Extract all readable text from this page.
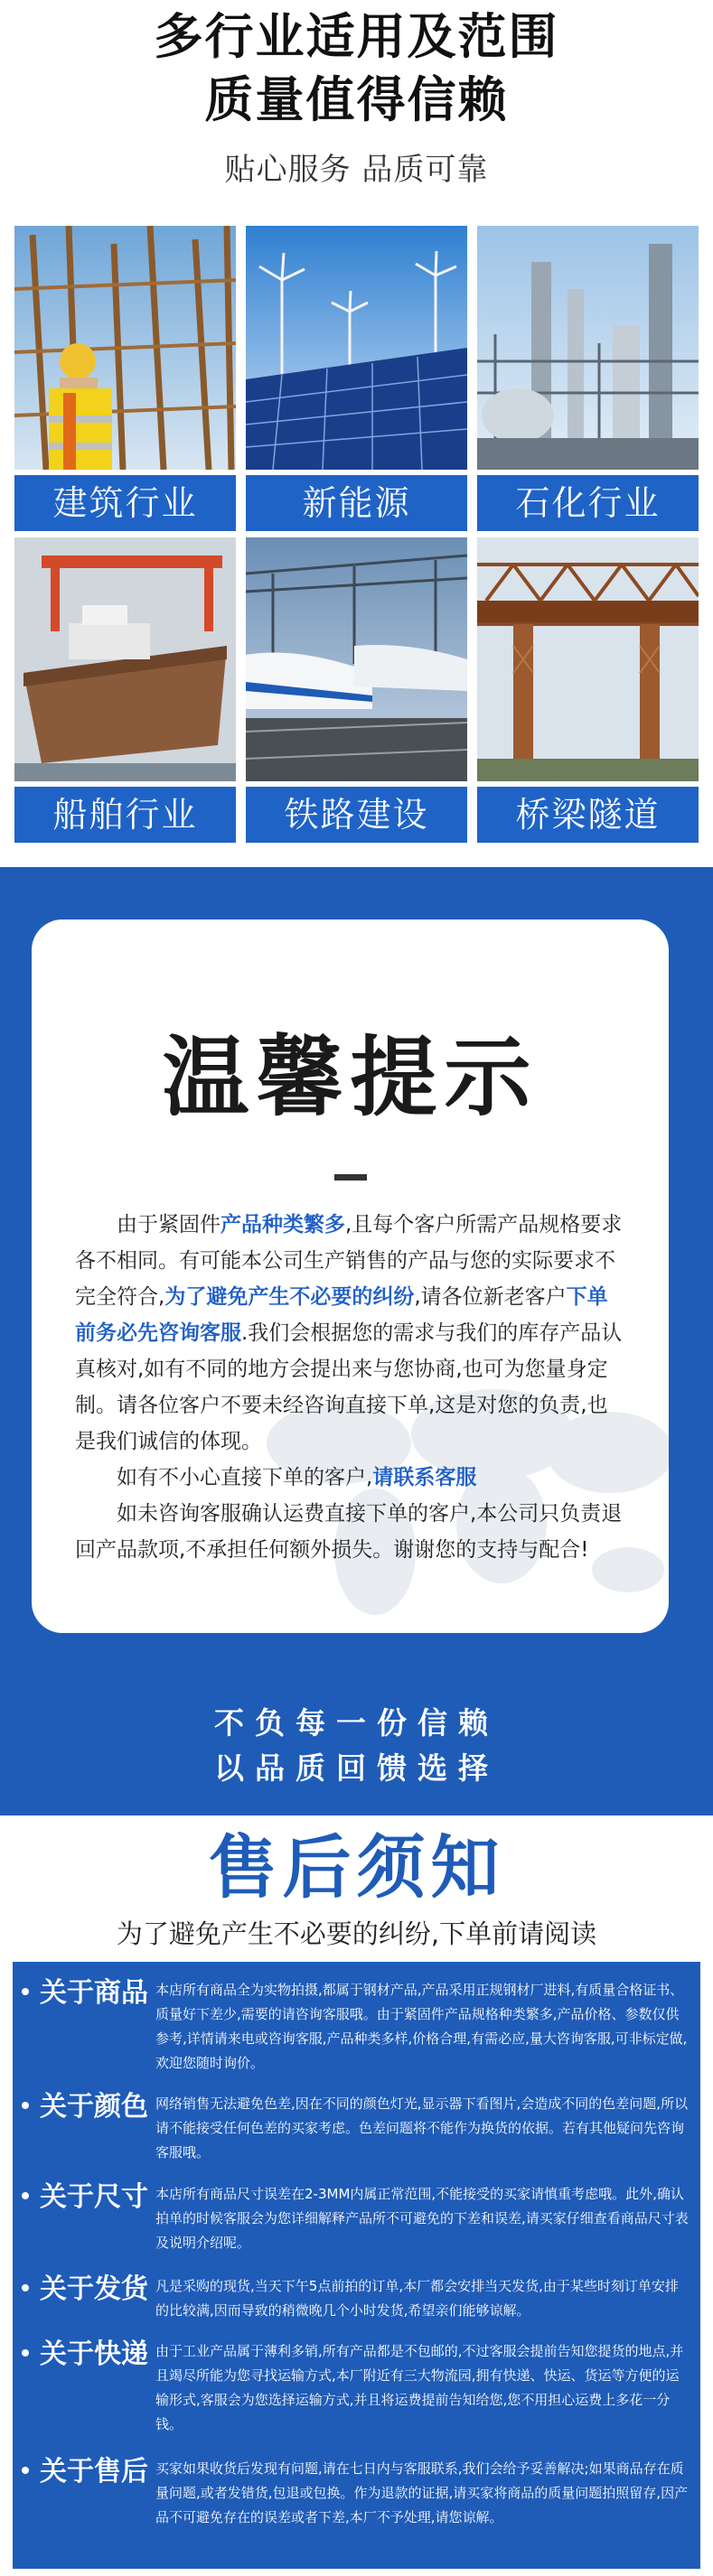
多行业适用及范围
质量值得信赖
贴心服务 品质可靠
建筑行业	新能源	石化行业
船舶行业	铁路建设	桥梁隧道
温馨提示

由于紧固件产品种类繁多,且每个客户所需产品规格要求各不相同。有可能本公司生产销售的产品与您的实际要求不完全符合,为了避免产生不必要的纠纷,请各位新老客户下单前务必先咨询客服.我们会根据您的需求与我们的库存产品认真核对,如有不同的地方会提出来与您协商,也可为您量身定制。请各位客户不要未经咨询直接下单,这是对您的负责,也是我们诚信的体现。

如有不小心直接下单的客户,请联系客服

如未咨询客服确认运费直接下单的客户,本公司只负责退回产品款项,不承担任何额外损失。谢谢您的支持与配合!

不负每一份信赖
以品质回馈选择
售后须知
为了避免产生不必要的纠纷,下单前请阅读
关于商品 本店所有商品全为实物拍摄,都属于钢材产品,产品采用正规钢材厂进料,有质量合格证书、质量好下差少,需要的请咨询客服哦。由于紧固件产品规格种类繁多,产品价格、参数仅供参考,详情请来电或咨询客服,产品种类多样,价格合理,有需必应,量大咨询客服,可非标定做,欢迎您随时询价。
关于颜色 网络销售无法避免色差,因在不同的颜色灯光,显示器下看图片,会造成不同的色差问题,所以请不能接受任何色差的买家考虑。色差问题将不能作为换货的依据。若有其他疑问先咨询客服哦。
关于尺寸 本店所有商品尺寸误差在2-3MM内属正常范围,不能接受的买家请慎重考虑哦。此外,确认拍单的时候客服会为您详细解释产品所不可避免的下差和误差,请买家仔细查看商品尺寸表及说明介绍呢。
关于发货 凡是采购的现货,当天下午5点前拍的订单,本厂都会安排当天发货,由于某些时刻订单安排的比较满,因而导致的稍微晚几个小时发货,希望亲们能够谅解。
关于快递 由于工业产品属于薄利多销,所有产品都是不包邮的,不过客服会提前告知您提货的地点,并且竭尽所能为您寻找运输方式,本厂附近有三大物流园,拥有快递、快运、货运等方便的运输形式,客服会为您选择运输方式,并且将运费提前告知给您,您不用担心运费上多花一分钱。
关于售后 买家如果收货后发现有问题,请在七日内与客服联系,我们会给予妥善解决;如果商品存在质量问题,或者发错货,包退或包换。作为退款的证据,请买家将商品的质量问题拍照留存,因产品不可避免存在的误差或者下差,本厂不予处理,请您谅解。
